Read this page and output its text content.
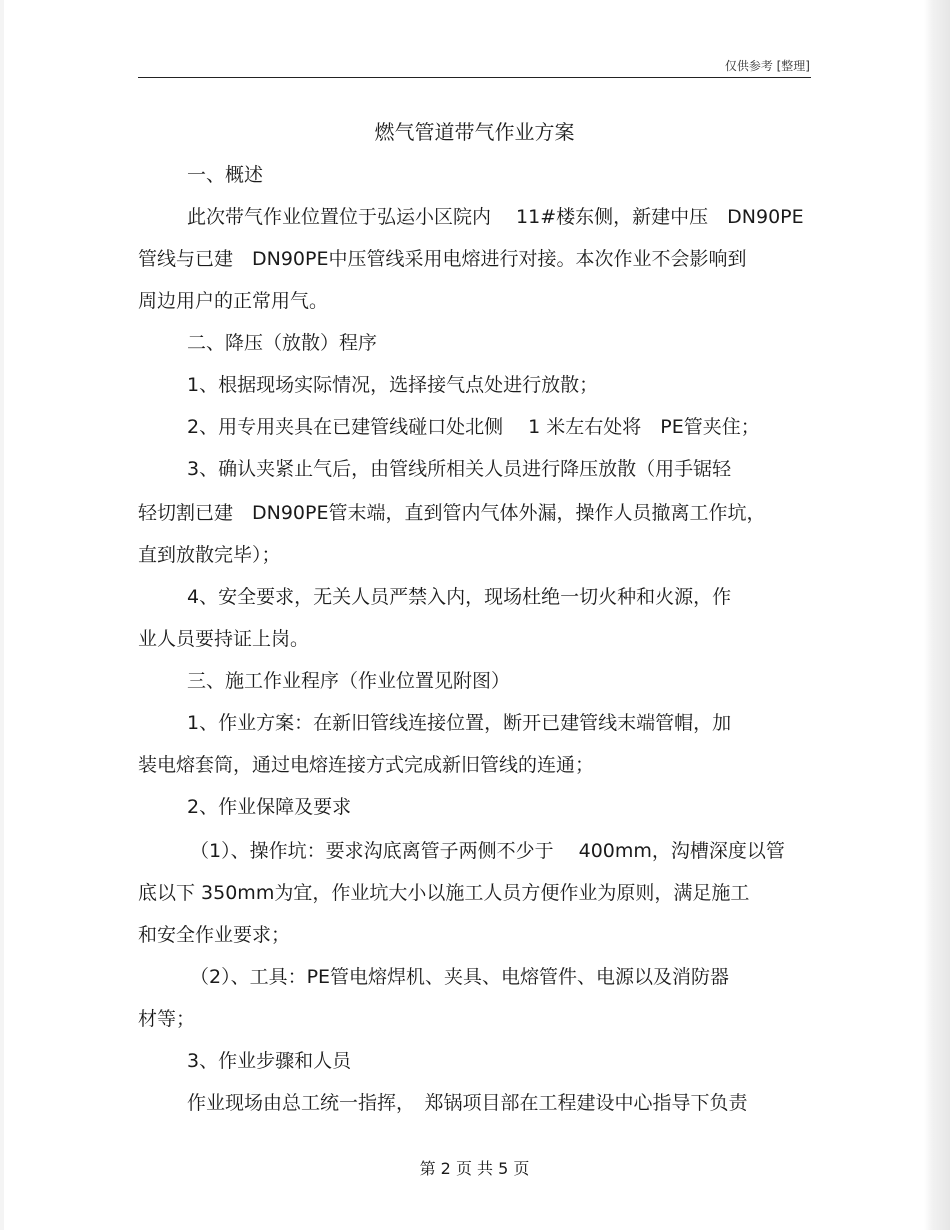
仅供参考 [整理]
燃气管道带气作业方案
一、概述
此次带气作业位置位于弘运小区院内　 11#楼东侧，新建中压　DN90PE
管线与已建　DN90PE中压管线采用电熔进行对接。本次作业不会影响到
周边用户的正常用气。
二、降压（放散）程序
1、根据现场实际情况，选择接气点处进行放散；
2、用专用夹具在已建管线碰口处北侧　 1 米左右处将　PE管夹住；
3、确认夹紧止气后，由管线所相关人员进行降压放散（用手锯轻
轻切割已建　DN90PE管末端，直到管内气体外漏，操作人员撤离工作坑，
直到放散完毕）；
4、安全要求，无关人员严禁入内，现场杜绝一切火种和火源，作
业人员要持证上岗。
三、施工作业程序（作业位置见附图）
1、作业方案：在新旧管线连接位置，断开已建管线末端管帽，加
装电熔套筒，通过电熔连接方式完成新旧管线的连通；
2、作业保障及要求
（1）、操作坑：要求沟底离管子两侧不少于　 400mm，沟槽深度以管
底以下 350mm为宜，作业坑大小以施工人员方便作业为原则，满足施工
和安全作业要求；
（2）、工具：PE管电熔焊机、夹具、电熔管件、电源以及消防器
材等；
3、作业步骤和人员
作业现场由总工统一指挥，　郑锅项目部在工程建设中心指导下负责
第 2 页 共 5 页
